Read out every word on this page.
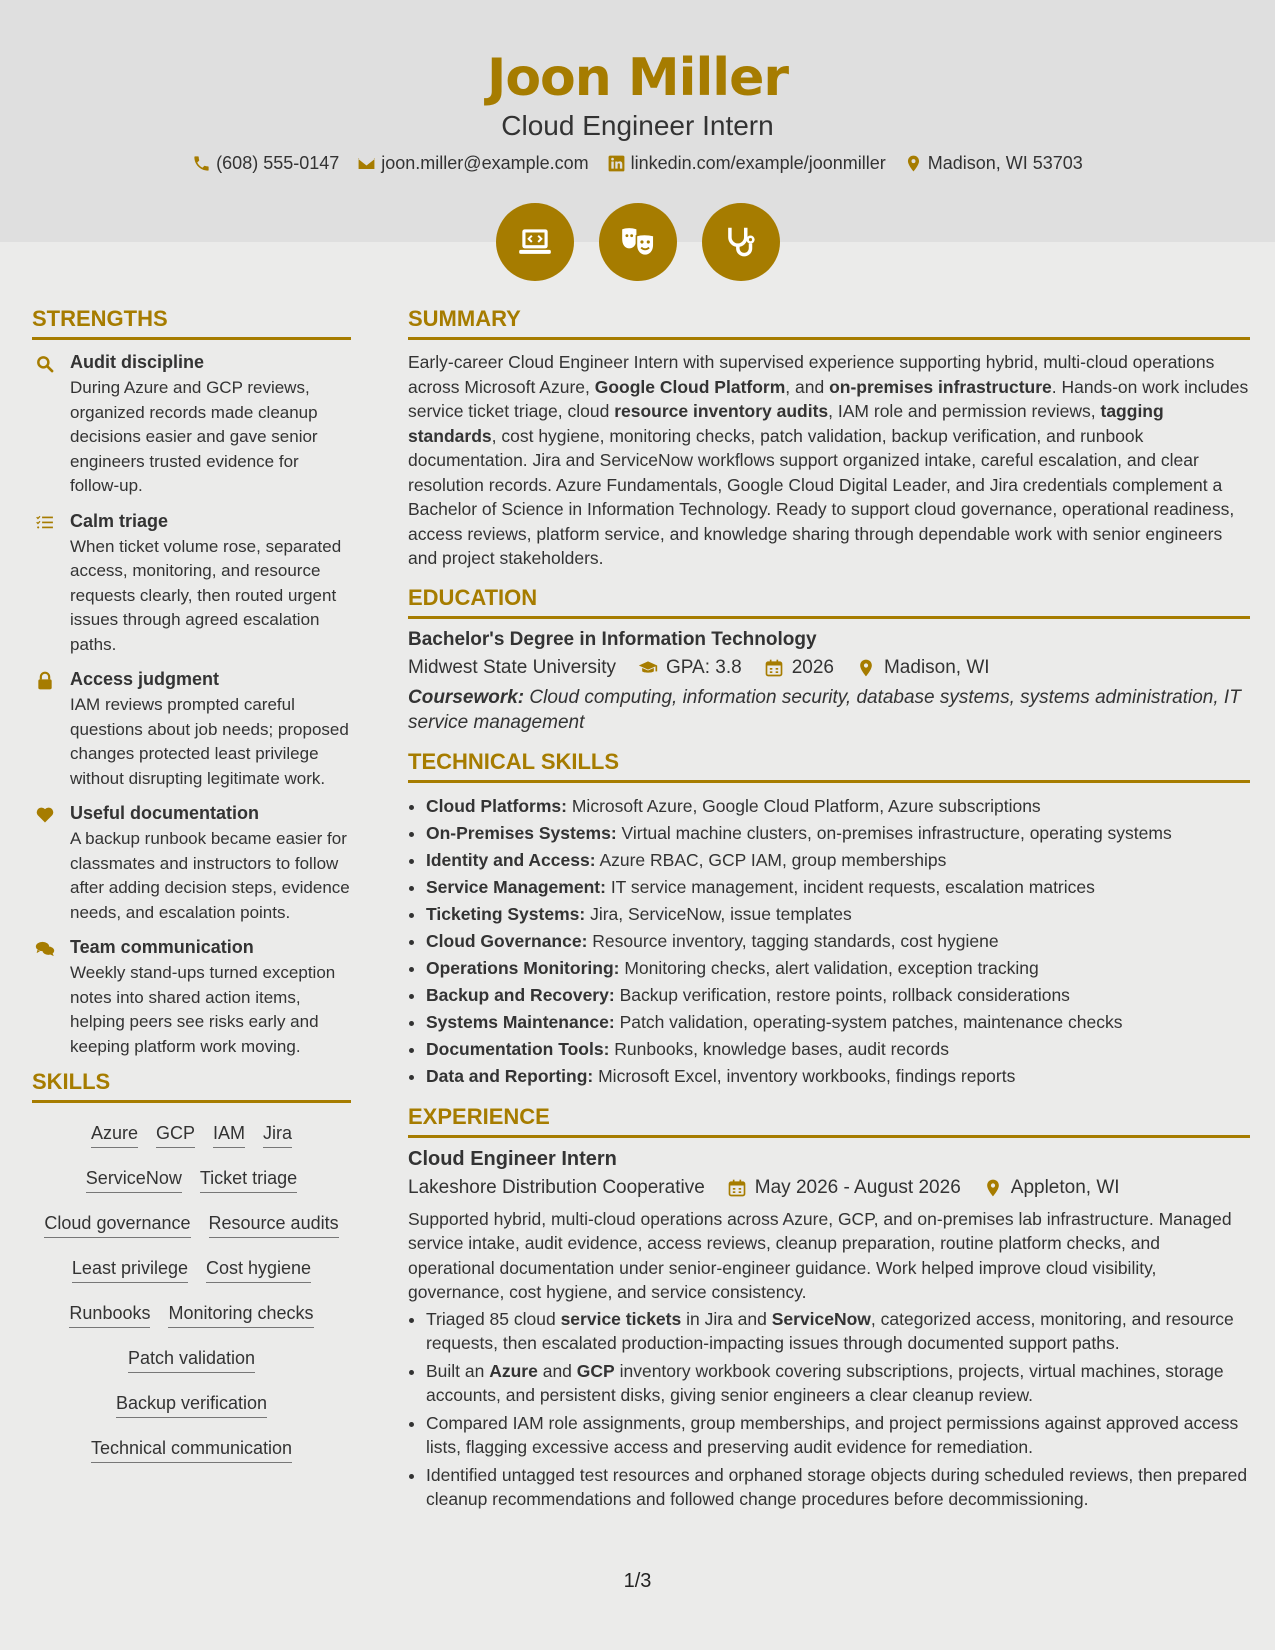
Joon Miller
Cloud Engineer Intern
(608) 555-0147 joon.miller@example.com linkedin.com/example/joonmiller Madison, WI 53703
STRENGTHS
Audit discipline
During Azure and GCP reviews, organized records made cleanup decisions easier and gave senior engineers trusted evidence for follow-up.
Calm triage
When ticket volume rose, separated access, monitoring, and resource requests clearly, then routed urgent issues through agreed escalation paths.
Access judgment
IAM reviews prompted careful questions about job needs; proposed changes protected least privilege without disrupting legitimate work.
Useful documentation
A backup runbook became easier for classmates and instructors to follow after adding decision steps, evidence needs, and escalation points.
Team communication
Weekly stand-ups turned exception notes into shared action items, helping peers see risks early and keeping platform work moving.
SKILLS
Azure GCP IAM Jira
ServiceNow Ticket triage
Cloud governance Resource audits
Least privilege Cost hygiene
Runbooks Monitoring checks
Patch validation
Backup verification
Technical communication
SUMMARY

Early-career Cloud Engineer Intern with supervised experience supporting hybrid, multi-cloud operations across Microsoft Azure, Google Cloud Platform, and on-premises infrastructure. Hands-on work includes service ticket triage, cloud resource inventory audits, IAM role and permission reviews, tagging standards, cost hygiene, monitoring checks, patch validation, backup verification, and runbook documentation. Jira and ServiceNow workflows support organized intake, careful escalation, and clear resolution records. Azure Fundamentals, Google Cloud Digital Leader, and Jira credentials complement a Bachelor of Science in Information Technology. Ready to support cloud governance, operational readiness, access reviews, platform service, and knowledge sharing through dependable work with senior engineers and project stakeholders.

EDUCATION
Bachelor's Degree in Information Technology
Midwest State University	GPA: 3.8	2026	Madison, WI
Coursework: Cloud computing, information security, database systems, systems administration, IT service management
TECHNICAL SKILLS
• Cloud Platforms: Microsoft Azure, Google Cloud Platform, Azure subscriptions
• On-Premises Systems: Virtual machine clusters, on-premises infrastructure, operating systems
• Identity and Access: Azure RBAC, GCP IAM, group memberships
• Service Management: IT service management, incident requests, escalation matrices
• Ticketing Systems: Jira, ServiceNow, issue templates
• Cloud Governance: Resource inventory, tagging standards, cost hygiene
• Operations Monitoring: Monitoring checks, alert validation, exception tracking
• Backup and Recovery: Backup verification, restore points, rollback considerations
• Systems Maintenance: Patch validation, operating-system patches, maintenance checks
• Documentation Tools: Runbooks, knowledge bases, audit records
• Data and Reporting: Microsoft Excel, inventory workbooks, findings reports
EXPERIENCE
Cloud Engineer Intern
Lakeshore Distribution Cooperative	May 2026 - August 2026	Appleton, WI

Supported hybrid, multi-cloud operations across Azure, GCP, and on-premises lab infrastructure. Managed service intake, audit evidence, access reviews, cleanup preparation, routine platform checks, and operational documentation under senior-engineer guidance. Work helped improve cloud visibility, governance, cost hygiene, and service consistency.

• Triaged 85 cloud service tickets in Jira and ServiceNow, categorized access, monitoring, and resource requests, then escalated production-impacting issues through documented support paths.
• Built an Azure and GCP inventory workbook covering subscriptions, projects, virtual machines, storage accounts, and persistent disks, giving senior engineers a clear cleanup review.
• Compared IAM role assignments, group memberships, and project permissions against approved access lists, flagging excessive access and preserving audit evidence for remediation.
• Identified untagged test resources and orphaned storage objects during scheduled reviews, then prepared cleanup recommendations and followed change procedures before decommissioning.
1/3
